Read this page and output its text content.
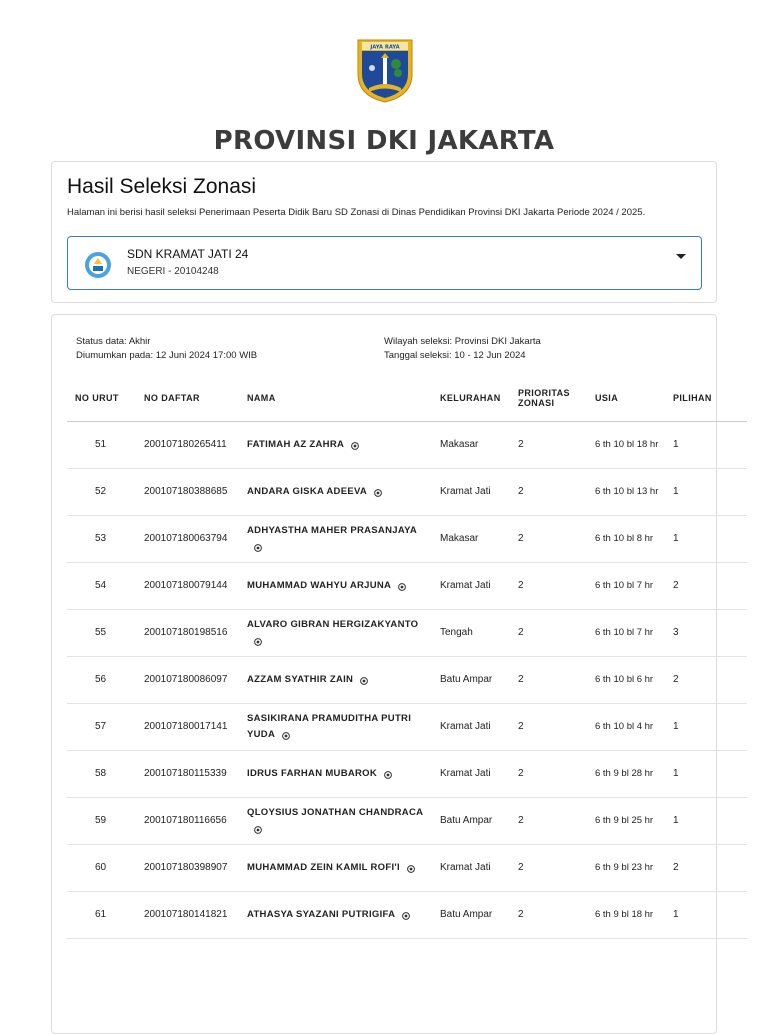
JAYA RAYA
PROVINSI DKI JAKARTA
Hasil Seleksi Zonasi
Halaman ini berisi hasil seleksi Penerimaan Peserta Didik Baru SD Zonasi di Dinas Pendidikan Provinsi DKI Jakarta Periode 2024 / 2025.
SDN KRAMAT JATI 24
NEGERI - 20104248
Status data: Akhir
Diumumkan pada: 12 Juni 2024 17:00 WIB
Wilayah seleksi: Provinsi DKI Jakarta
Tanggal seleksi: 10 - 12 Jun 2024
NO URUT	NO DAFTAR	NAMA	KELURAHAN	PRIORITAS ZONASI	USIA	PILIHAN
51	200107180265411	FATIMAH AZ ZAHRA	Makasar	2	6 th 10 bl 18 hr	1
52	200107180388685	ANDARA GISKA ADEEVA	Kramat Jati	2	6 th 10 bl 13 hr	1
53	200107180063794	ADHYASTHA MAHER PRASANJAYA	Makasar	2	6 th 10 bl 8 hr	1
54	200107180079144	MUHAMMAD WAHYU ARJUNA	Kramat Jati	2	6 th 10 bl 7 hr	2
55	200107180198516	ALVARO GIBRAN HERGIZAKYANTO	Tengah	2	6 th 10 bl 7 hr	3
56	200107180086097	AZZAM SYATHIR ZAIN	Batu Ampar	2	6 th 10 bl 6 hr	2
57	200107180017141	SASIKIRANA PRAMUDITHA PUTRI YUDA	Kramat Jati	2	6 th 10 bl 4 hr	1
58	200107180115339	IDRUS FARHAN MUBAROK	Kramat Jati	2	6 th 9 bl 28 hr	1
59	200107180116656	QLOYSIUS JONATHAN CHANDRACA	Batu Ampar	2	6 th 9 bl 25 hr	1
60	200107180398907	MUHAMMAD ZEIN KAMIL ROFI'I	Kramat Jati	2	6 th 9 bl 23 hr	2
61	200107180141821	ATHASYA SYAZANI PUTRIGIFA	Batu Ampar	2	6 th 9 bl 18 hr	1
